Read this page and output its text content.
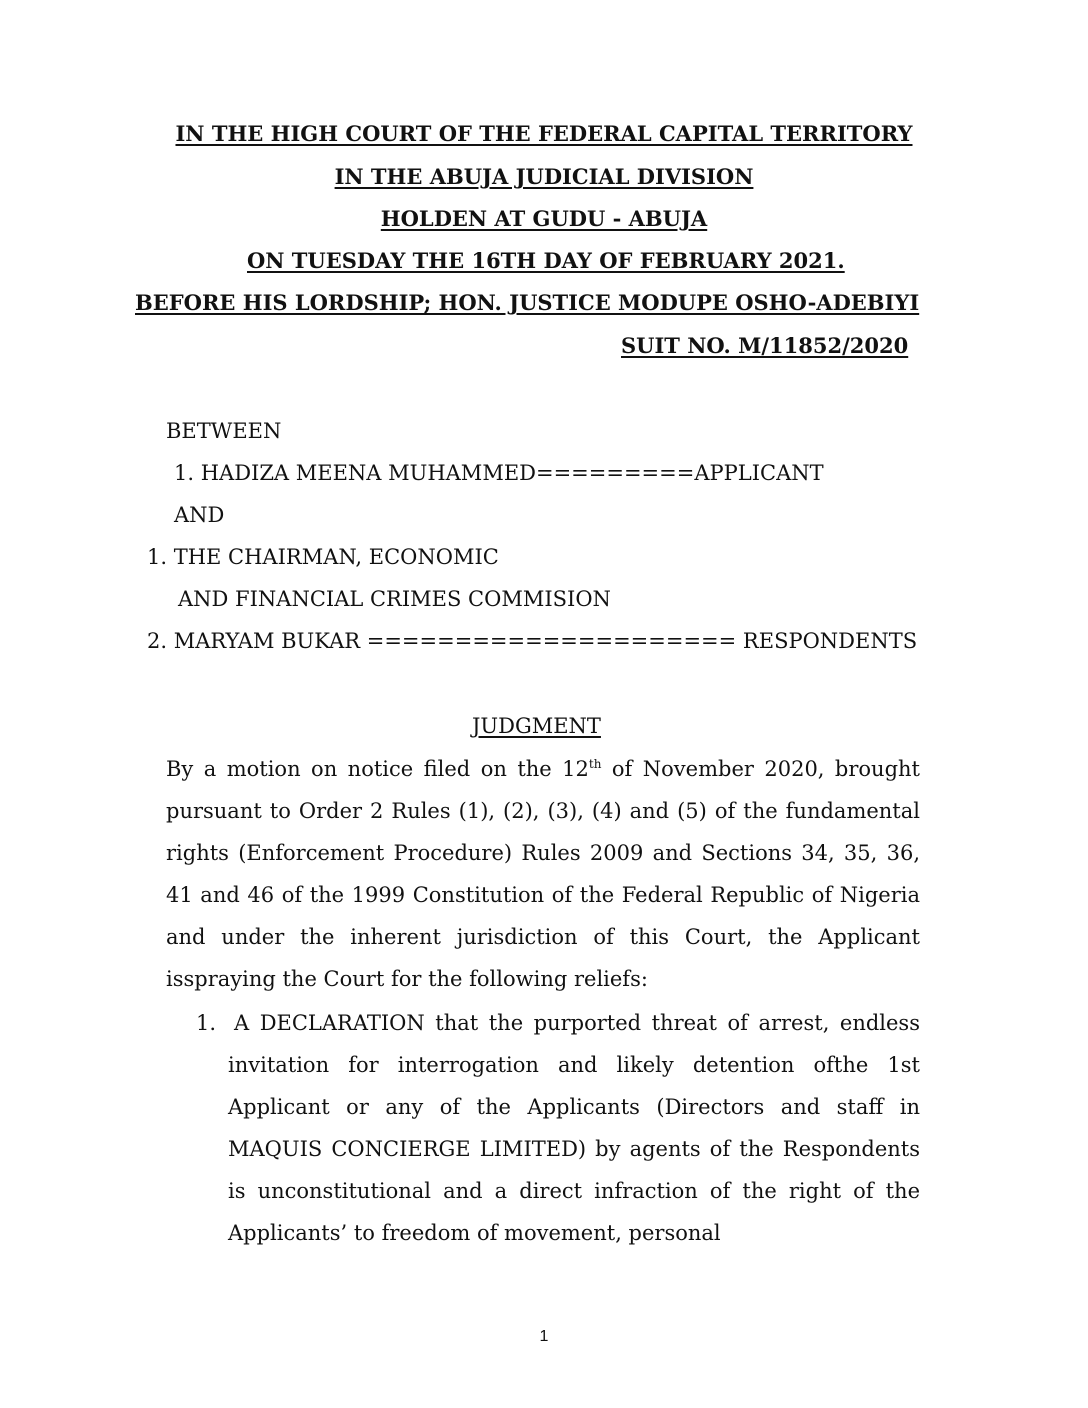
IN THE HIGH COURT OF THE FEDERAL CAPITAL TERRITORY
IN THE ABUJA JUDICIAL DIVISION
HOLDEN AT GUDU - ABUJA
ON TUESDAY THE 16TH DAY OF FEBRUARY 2021.
BEFORE HIS LORDSHIP; HON. JUSTICE MODUPE OSHO-ADEBIYI
SUIT NO. M/11852/2020
BETWEEN
1. HADIZA MEENA MUHAMMED=========APPLICANT
AND
1. THE CHAIRMAN, ECONOMIC
AND FINANCIAL CRIMES COMMISION
2. MARYAM BUKAR ===================== RESPONDENTS
JUDGMENT

By a motion on notice filed on the 12th of November 2020, brought pursuant to Order 2 Rules (1), (2), (3), (4) and (5) of the fundamental rights (Enforcement Procedure) Rules 2009 and Sections 34, 35, 36, 41 and 46 of the 1999 Constitution of the Federal Republic of Nigeria and under the inherent jurisdiction of this Court, the Applicant isspraying the Court for the following reliefs:

1. A DECLARATION that the purported threat of arrest, endless invitation for interrogation and likely detention ofthe 1st Applicant or any of the Applicants (Directors and staff in MAQUIS CONCIERGE LIMITED) by agents of the Respondents is unconstitutional and a direct infraction of the right of the Applicants’ to freedom of movement, personal

1
